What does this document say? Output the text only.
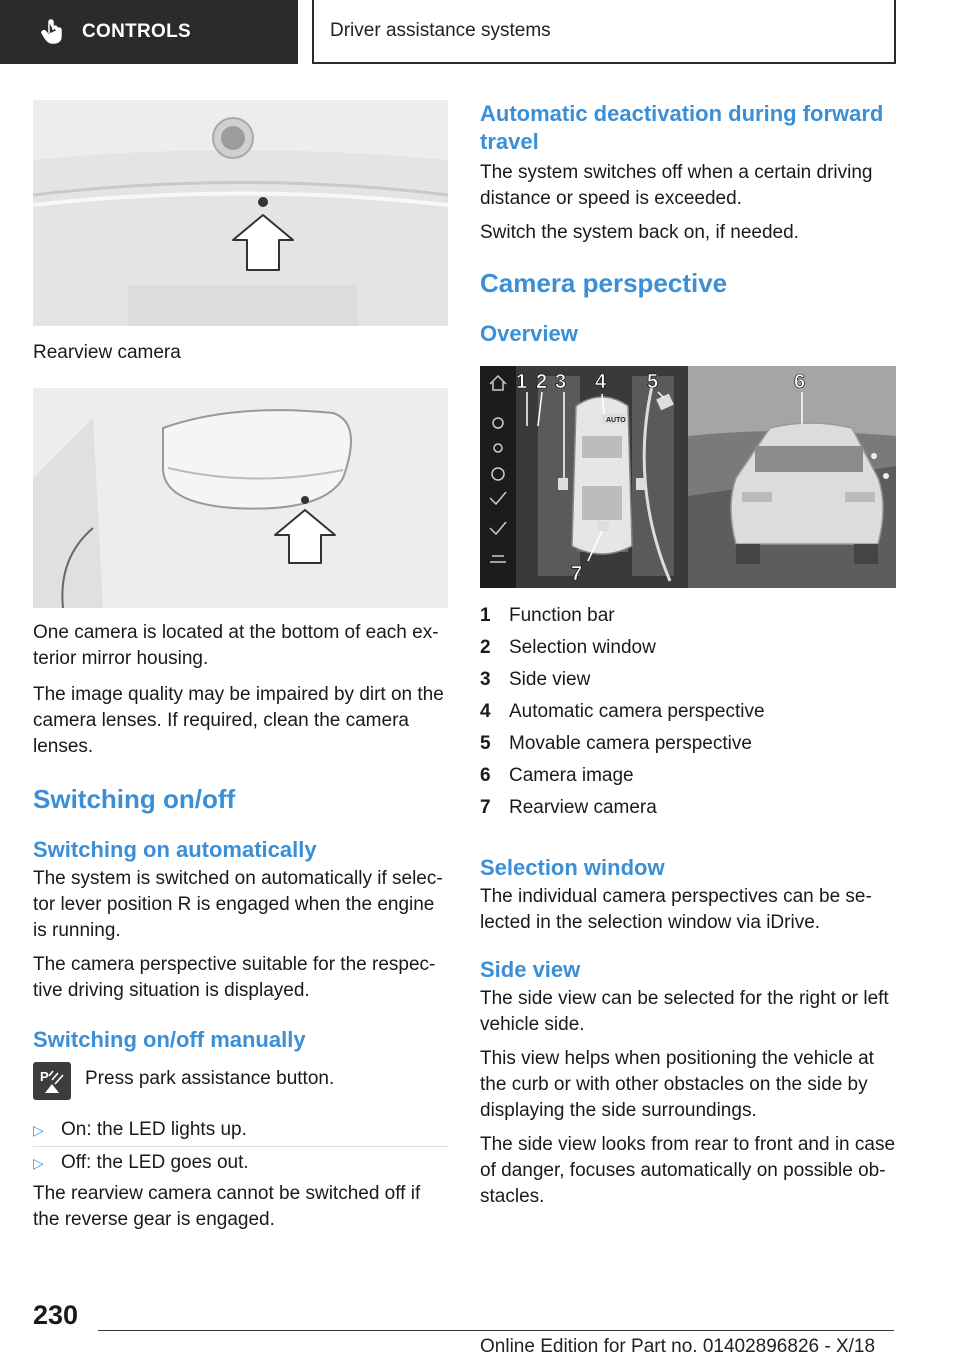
CONTROLS	Driver assistance systems
Rearview camera

One camera is located at the bottom of each ex-terior mirror housing.

The image quality may be impaired by dirt on the camera lenses. If required, clean the camera lenses.

Switching on/off
Switching on automatically

The system is switched on automatically if selec-tor lever position R is engaged when the engine is running.

The camera perspective suitable for the respec-tive driving situation is displayed.

Switching on/off manually
P Press park assistance button.
▷ On: the LED lights up.
▷ Off: the LED goes out.

The rearview camera cannot be switched off if the reverse gear is engaged.

Automatic deactivation during forward travel

The system switches off when a certain driving distance or speed is exceeded.

Switch the system back on, if needed.

Camera perspective
Overview
AUTO
1 2 3 4 5	6
7
1 Function bar
2 Selection window
3 Side view
4 Automatic camera perspective
5 Movable camera perspective
6 Camera image
7 Rearview camera
Selection window

The individual camera perspectives can be se-lected in the selection window via iDrive.

Side view

The side view can be selected for the right or left vehicle side.

This view helps when positioning the vehicle at the curb or with other obstacles on the side by displaying the side surroundings.

The side view looks from rear to front and in case of danger, focuses automatically on possible ob-stacles.

230
Online Edition for Part no. 01402896826 - X/18
